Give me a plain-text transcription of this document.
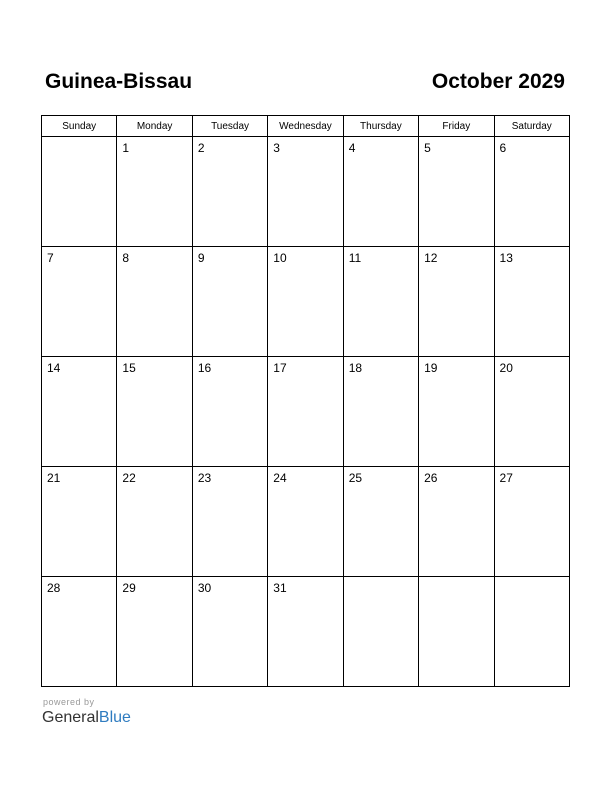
Guinea-Bissau	October 2029
Sunday	Monday	Tuesday	Wednesday	Thursday	Friday	Saturday

	1	2	3	4	5	6

7	8	9	10	11	12	13

14	15	16	17	18	19	20

21	22	23	24	25	26	27

28	29	30	31			

powered by
GeneralBlue
